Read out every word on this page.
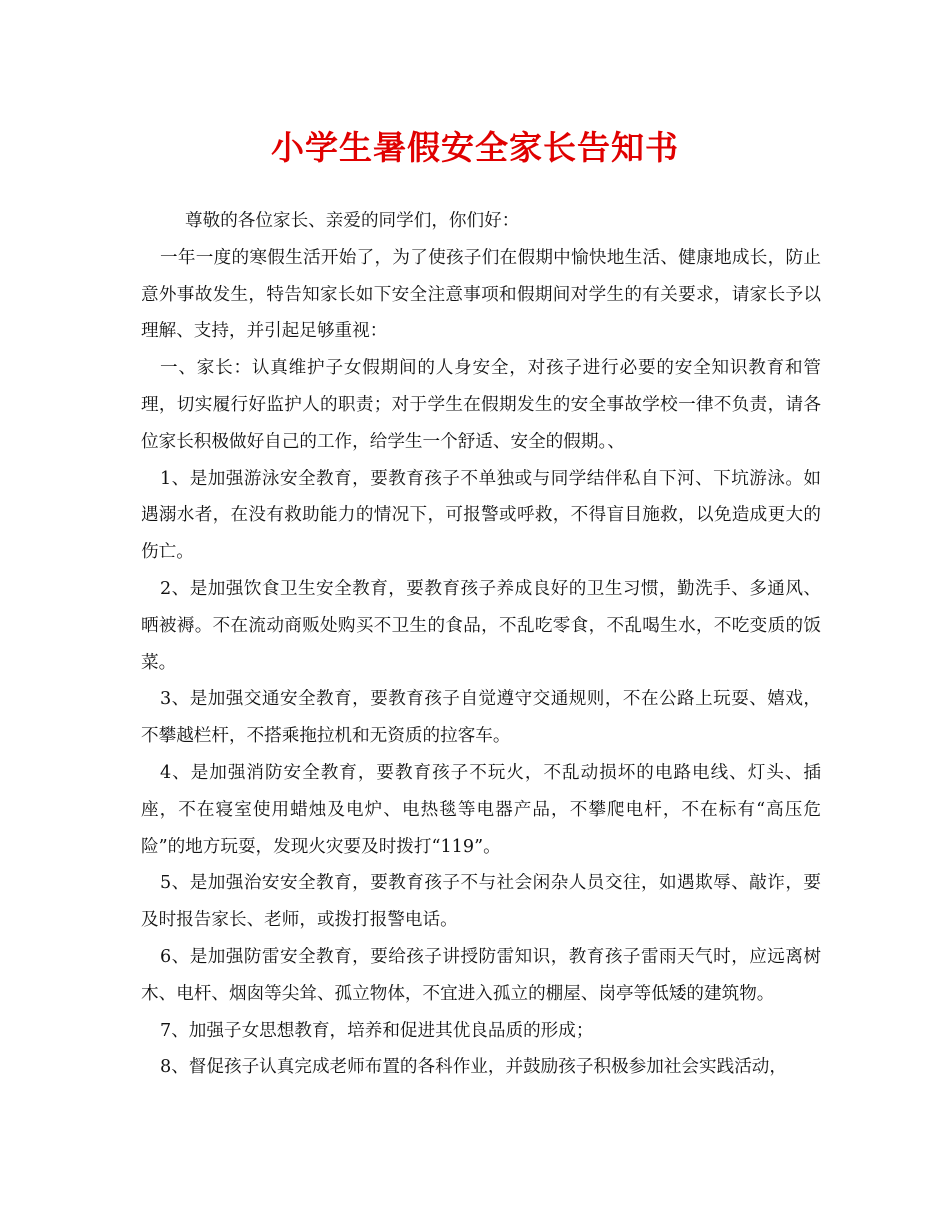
小学生暑假安全家长告知书

尊敬的各位家长、亲爱的同学们，你们好：

一年一度的寒假生活开始了，为了使孩子们在假期中愉快地生活、健康地成长，防止意外事故发生，特告知家长如下安全注意事项和假期间对学生的有关要求，请家长予以理解、支持，并引起足够重视：

一、家长：认真维护子女假期间的人身安全，对孩子进行必要的安全知识教育和管理，切实履行好监护人的职责；对于学生在假期发生的安全事故学校一律不负责，请各位家长积极做好自己的工作，给学生一个舒适、安全的假期。、

1、是加强游泳安全教育，要教育孩子不单独或与同学结伴私自下河、下坑游泳。如遇溺水者，在没有救助能力的情况下，可报警或呼救，不得盲目施救，以免造成更大的伤亡。

2、是加强饮食卫生安全教育，要教育孩子养成良好的卫生习惯，勤洗手、多通风、晒被褥。不在流动商贩处购买不卫生的食品，不乱吃零食，不乱喝生水，不吃变质的饭菜。

3、是加强交通安全教育，要教育孩子自觉遵守交通规则，不在公路上玩耍、嬉戏，不攀越栏杆，不搭乘拖拉机和无资质的拉客车。

4、是加强消防安全教育，要教育孩子不玩火，不乱动损坏的电路电线、灯头、插座，不在寝室使用蜡烛及电炉、电热毯等电器产品，不攀爬电杆，不在标有“高压危险”的地方玩耍，发现火灾要及时拨打“119”。

5、是加强治安安全教育，要教育孩子不与社会闲杂人员交往，如遇欺辱、敲诈，要及时报告家长、老师，或拨打报警电话。

6、是加强防雷安全教育，要给孩子讲授防雷知识，教育孩子雷雨天气时，应远离树木、电杆、烟囱等尖耸、孤立物体，不宜进入孤立的棚屋、岗亭等低矮的建筑物。

7、加强子女思想教育，培养和促进其优良品质的形成；

8、督促孩子认真完成老师布置的各科作业，并鼓励孩子积极参加社会实践活动，
